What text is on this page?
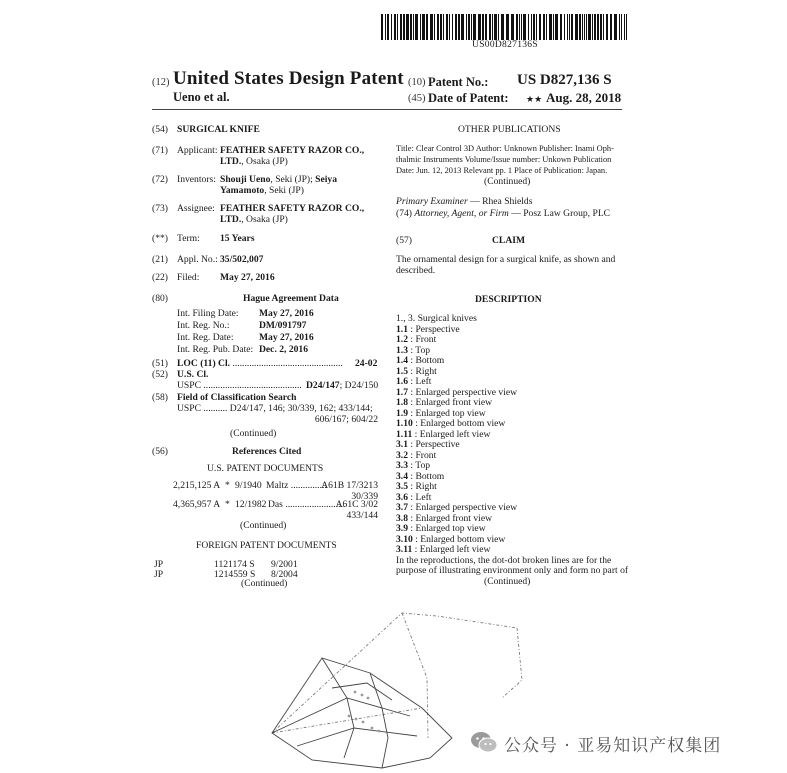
US00D827136S
(12) United States Design Patent
Ueno et al.
(10) Patent No.: US D827,136 S
(45) Date of Patent: ★★ Aug. 28, 2018
(54) SURGICAL KNIFE
(71) Applicant: FEATHER SAFETY RAZOR CO.,
LTD., Osaka (JP)
(72) Inventors: Shouji Ueno, Seki (JP); Seiya
Yamamoto, Seki (JP)
(73) Assignee: FEATHER SAFETY RAZOR CO.,
LTD., Osaka (JP)
(**) Term: 15 Years
(21) Appl. No.: 35/502,007
(22) Filed: May 27, 2016
(80)	Hague Agreement Data
Int. Filing Date: May 27, 2016
Int. Reg. No.:	DM/091797
Int. Reg. Date:	May 27, 2016
Int. Reg. Pub. Date: Dec. 2, 2016
(51) LOC (11) Cl. .............................................. 24-02
(52) U.S. Cl.
USPC ......................................... D24/147; D24/150
(58) Field of Classification Search
USPC .......... D24/147, 146; 30/339, 162; 433/144;
606/167; 604/22
(Continued)
(56)	References Cited
U.S. PATENT DOCUMENTS
2,215,125 A * 9/1940 Maltz ...............
A61B 17/3213
30/339
4,365,957 A * 12/1982 Das .........................
A61C 3/02
433/144
(Continued)
FOREIGN PATENT DOCUMENTS
JP	1121174 S 9/2001
JP	1214559 S 8/2004
(Continued)
OTHER PUBLICATIONS
Title: Clear Control 3D Author: Unknown Publisher: Inami Oph-
thalmic Instruments Volume/Issue number: Unkown Publication
Date: Jun. 12, 2013 Relevant pp. 1 Place of Publication: Japan.
(Continued)
Primary Examiner — Rhea Shields
(74) Attorney, Agent, or Firm — Posz Law Group, PLC
(57)	CLAIM
The ornamental design for a surgical knife, as shown and
described.
DESCRIPTION
1., 3. Surgical knives
1.1 : Perspective
1.2 : Front
1.3 : Top
1.4 : Bottom
1.5 : Right
1.6 : Left
1.7 : Enlarged perspective view
1.8 : Enlarged front view
1.9 : Enlarged top view
1.10 : Enlarged bottom view
1.11 : Enlarged left view
3.1 : Perspective
3.2 : Front
3.3 : Top
3.4 : Bottom
3.5 : Right
3.6 : Left
3.7 : Enlarged perspective view
3.8 : Enlarged front view
3.9 : Enlarged top view
3.10 : Enlarged bottom view
3.11 : Enlarged left view
In the reproductions, the dot-dot broken lines are for the
purpose of illustrating environment only and form no part of
(Continued)
公众号 · 亚易知识产权集团
